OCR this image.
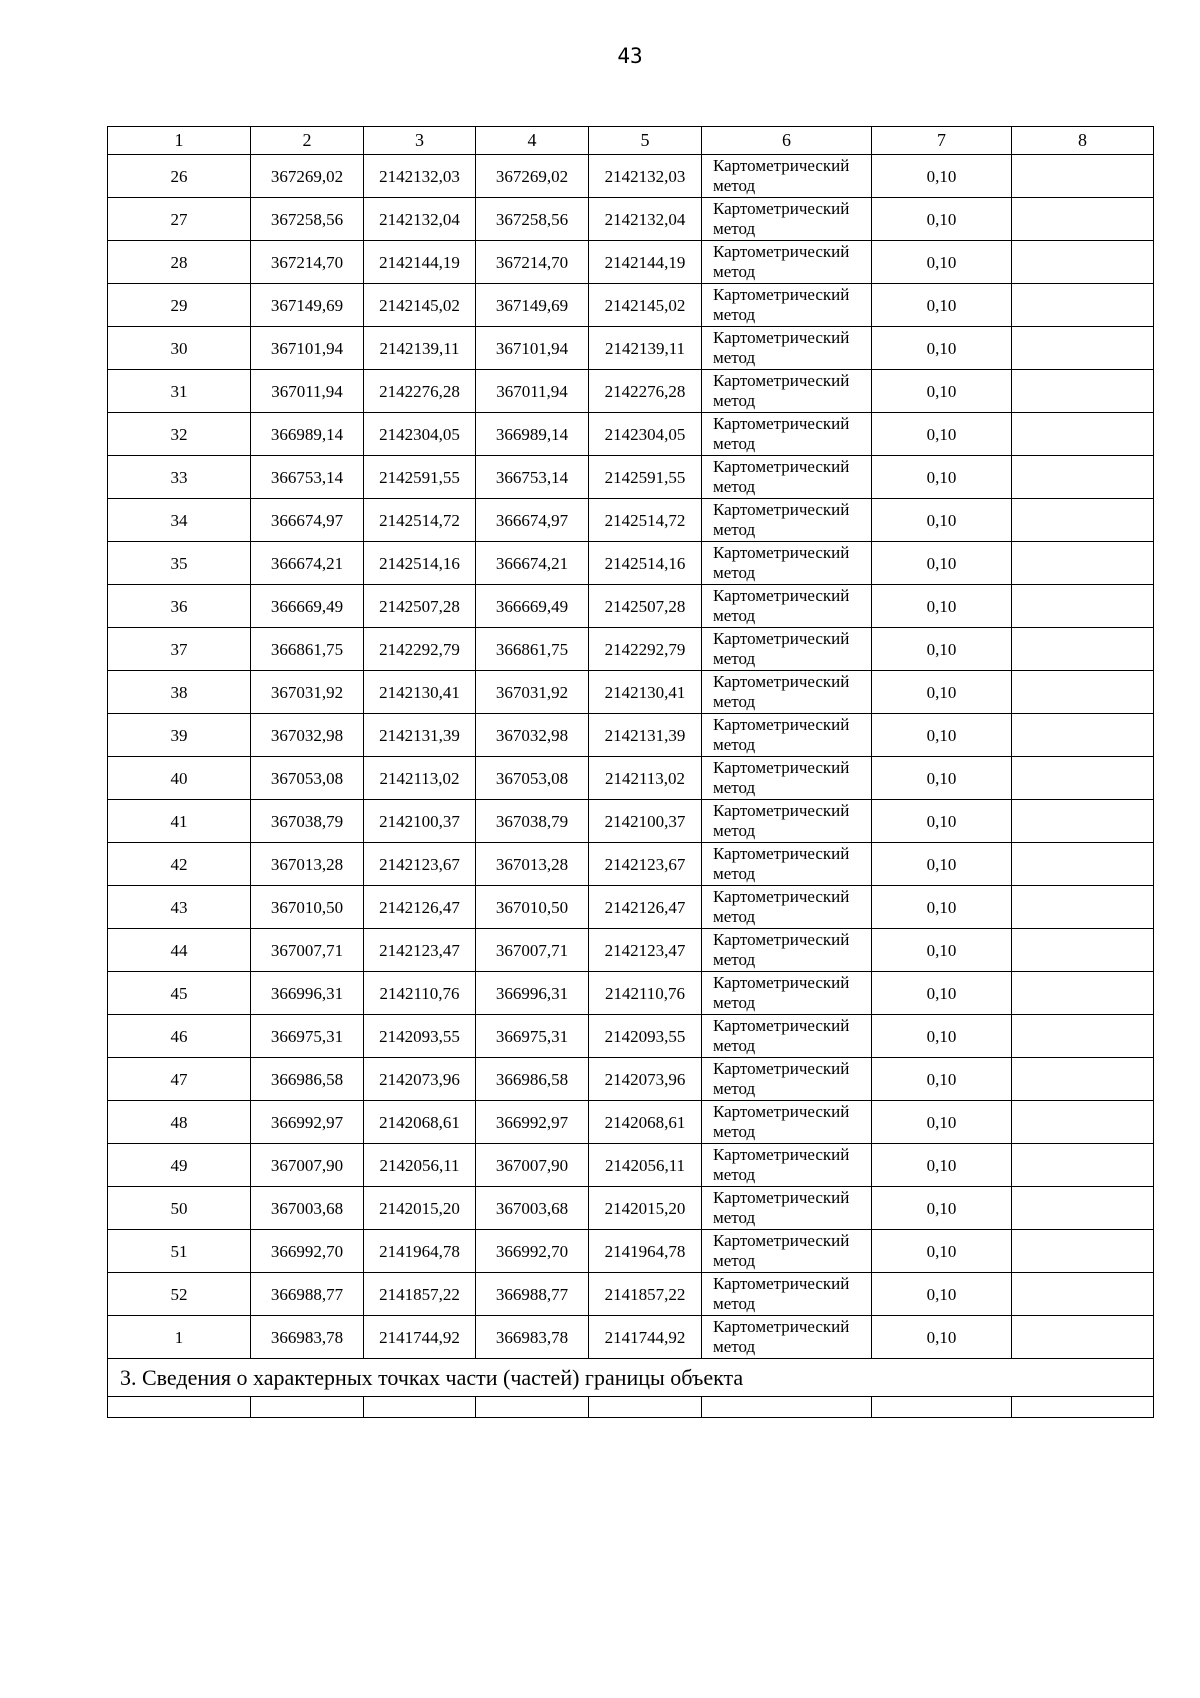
43
1	2	3	4	5	6	7	8
26	367269,02	2142132,03	367269,02	2142132,03	Картометрический метод	0,10	
27	367258,56	2142132,04	367258,56	2142132,04	Картометрический метод	0,10	
28	367214,70	2142144,19	367214,70	2142144,19	Картометрический метод	0,10	
29	367149,69	2142145,02	367149,69	2142145,02	Картометрический метод	0,10	
30	367101,94	2142139,11	367101,94	2142139,11	Картометрический метод	0,10	
31	367011,94	2142276,28	367011,94	2142276,28	Картометрический метод	0,10	
32	366989,14	2142304,05	366989,14	2142304,05	Картометрический метод	0,10	
33	366753,14	2142591,55	366753,14	2142591,55	Картометрический метод	0,10	
34	366674,97	2142514,72	366674,97	2142514,72	Картометрический метод	0,10	
35	366674,21	2142514,16	366674,21	2142514,16	Картометрический метод	0,10	
36	366669,49	2142507,28	366669,49	2142507,28	Картометрический метод	0,10	
37	366861,75	2142292,79	366861,75	2142292,79	Картометрический метод	0,10	
38	367031,92	2142130,41	367031,92	2142130,41	Картометрический метод	0,10	
39	367032,98	2142131,39	367032,98	2142131,39	Картометрический метод	0,10	
40	367053,08	2142113,02	367053,08	2142113,02	Картометрический метод	0,10	
41	367038,79	2142100,37	367038,79	2142100,37	Картометрический метод	0,10	
42	367013,28	2142123,67	367013,28	2142123,67	Картометрический метод	0,10	
43	367010,50	2142126,47	367010,50	2142126,47	Картометрический метод	0,10	
44	367007,71	2142123,47	367007,71	2142123,47	Картометрический метод	0,10	
45	366996,31	2142110,76	366996,31	2142110,76	Картометрический метод	0,10	
46	366975,31	2142093,55	366975,31	2142093,55	Картометрический метод	0,10	
47	366986,58	2142073,96	366986,58	2142073,96	Картометрический метод	0,10	
48	366992,97	2142068,61	366992,97	2142068,61	Картометрический метод	0,10	
49	367007,90	2142056,11	367007,90	2142056,11	Картометрический метод	0,10	
50	367003,68	2142015,20	367003,68	2142015,20	Картометрический метод	0,10	
51	366992,70	2141964,78	366992,70	2141964,78	Картометрический метод	0,10	
52	366988,77	2141857,22	366988,77	2141857,22	Картометрический метод	0,10	
1	366983,78	2141744,92	366983,78	2141744,92	Картометрический метод	0,10	
3. Сведения о характерных точках части (частей) границы объекта							
